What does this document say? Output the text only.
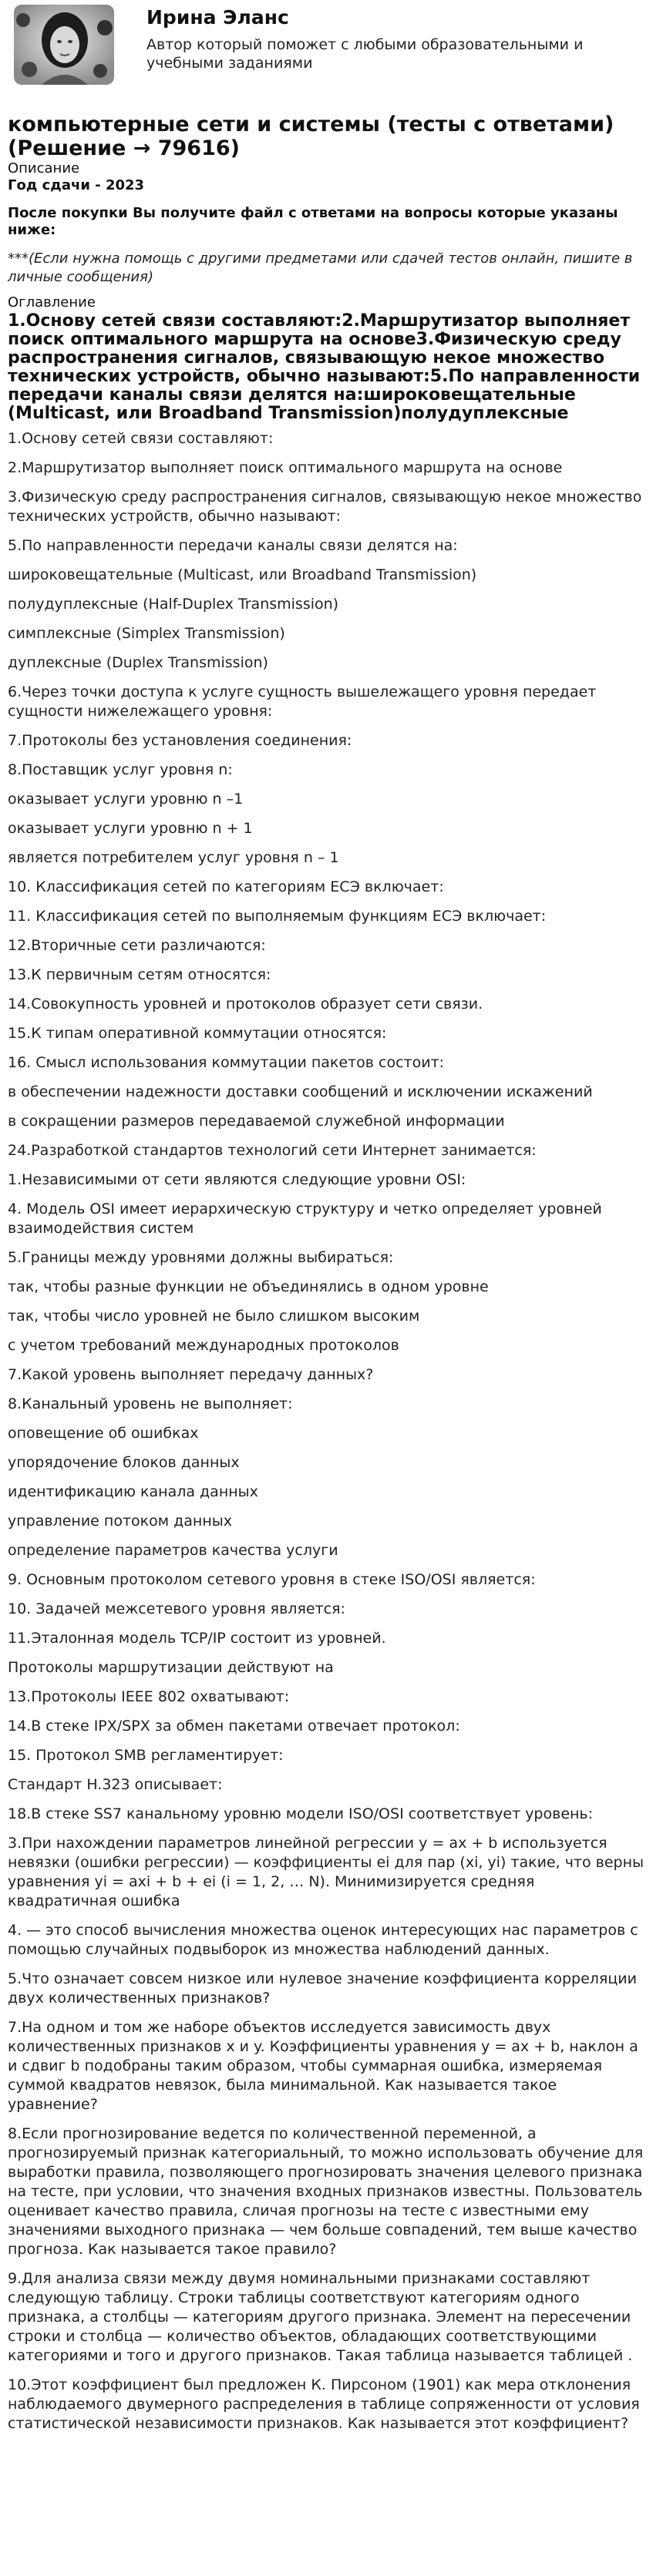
Ирина Эланс
Автор который поможет с любыми образовательными и учебными заданиями
компьютерные сети и системы (тесты с ответами) (Решение → 79616)

Описание

Год сдачи - 2023

После покупки Вы получите файл с ответами на вопросы которые указаны ниже:

***(Если нужна помощь с другими предметами или сдачей тестов онлайн, пишите в личные сообщения)

Оглавление

1.Основу сетей связи составляют:2.Маршрутизатор выполняет поиск оптимального маршрута на основе3.Физическую среду распространения сигналов, связывающую некое множество технических устройств, обычно называют:5.По направленности передачи каналы связи делятся на:широковещательные (Multicast, или Broadband Transmission)полудуплексные

1.Основу сетей связи составляют:

2.Маршрутизатор выполняет поиск оптимального маршрута на основе

3.Физическую среду распространения сигналов, связывающую некое множество технических устройств, обычно называют:

5.По направленности передачи каналы связи делятся на:

широковещательные (Multicast, или Broadband Transmission)

полудуплексные (Half-Duplex Transmission)

симплексные (Simplex Transmission)

дуплексные (Duplex Transmission)

6.Через точки доступа к услуге сущность вышележащего уровня передает сущности нижележащего уровня:

7.Протоколы без установления соединения:

8.Поставщик услуг уровня n:

оказывает услуги уровню n –1

оказывает услуги уровню n + 1

является потребителем услуг уровня n – 1

10. Классификация сетей по категориям ЕСЭ включает:

11. Классификация сетей по выполняемым функциям ЕСЭ включает:

12.Вторичные сети различаются:

13.К первичным сетям относятся:

14.Совокупность уровней и протоколов образует сети связи.

15.К типам оперативной коммутации относятся:

16. Смысл использования коммутации пакетов состоит:

в обеспечении надежности доставки сообщений и исключении искажений

в сокращении размеров передаваемой служебной информации

24.Разработкой стандартов технологий сети Интернет занимается:

1.Независимыми от сети являются следующие уровни OSI:

4. Модель OSI имеет иерархическую структуру и четко определяет уровней взаимодействия систем

5.Границы между уровнями должны выбираться:

так, чтобы разные функции не объединялись в одном уровне

так, чтобы число уровней не было слишком высоким

с учетом требований международных протоколов

7.Какой уровень выполняет передачу данных?

8.Канальный уровень не выполняет:

оповещение об ошибках

упорядочение блоков данных

идентификацию канала данных

управление потоком данных

определение параметров качества услуги

9. Основным протоколом сетевого уровня в стеке ISO/OSI является:

10. Задачей межсетевого уровня является:

11.Эталонная модель TCP/IP состоит из уровней.

Протоколы маршрутизации действуют на

13.Протоколы IEEE 802 охватывают:

14.В стеке IPX/SPX за обмен пакетами отвечает протокол:

15. Протокол SMB регламентирует:

Стандарт H.323 описывает:

18.В стеке SS7 канальному уровню модели ISO/OSI соответствует уровень:

3.При нахождении параметров линейной регрессии y = ax + b используется невязки (ошибки регрессии) — коэффициенты ei для пар (xi, yi) такие, что верны уравнения yi = axi + b + ei (i = 1, 2, … N). Минимизируется средняя квадратичная ошибка

4. — это способ вычисления множества оценок интересующих нас параметров с помощью случайных подвыборок из множества наблюдений данных.

5.Что означает совсем низкое или нулевое значение коэффициента корреляции двух количественных признаков?

7.На одном и том же наборе объектов исследуется зависимость двух количественных признаков x и y. Коэффициенты уравнения y = ax + b, наклон a и сдвиг b подобраны таким образом, чтобы суммарная ошибка, измеряемая суммой квадратов невязок, была минимальной. Как называется такое уравнение?

8.Если прогнозирование ведется по количественной переменной, а прогнозируемый признак категориальный, то можно использовать обучение для выработки правила, позволяющего прогнозировать значения целевого признака на тесте, при условии, что значения входных признаков известны. Пользователь оценивает качество правила, сличая прогнозы на тесте с известными ему значениями выходного признака — чем больше совпадений, тем выше качество прогноза. Как называется такое правило?

9.Для анализа связи между двумя номинальными признаками составляют следующую таблицу. Строки таблицы соответствуют категориям одного признака, а столбцы — категориям другого признака. Элемент на пересечении строки и столбца — количество объектов, обладающих соответствующими категориями и того и другого признаков. Такая таблица называется таблицей .

10.Этот коэффициент был предложен К. Пирсоном (1901) как мера отклонения наблюдаемого двумерного распределения в таблице сопряженности от условия статистической независимости признаков. Как называется этот коэффициент?
